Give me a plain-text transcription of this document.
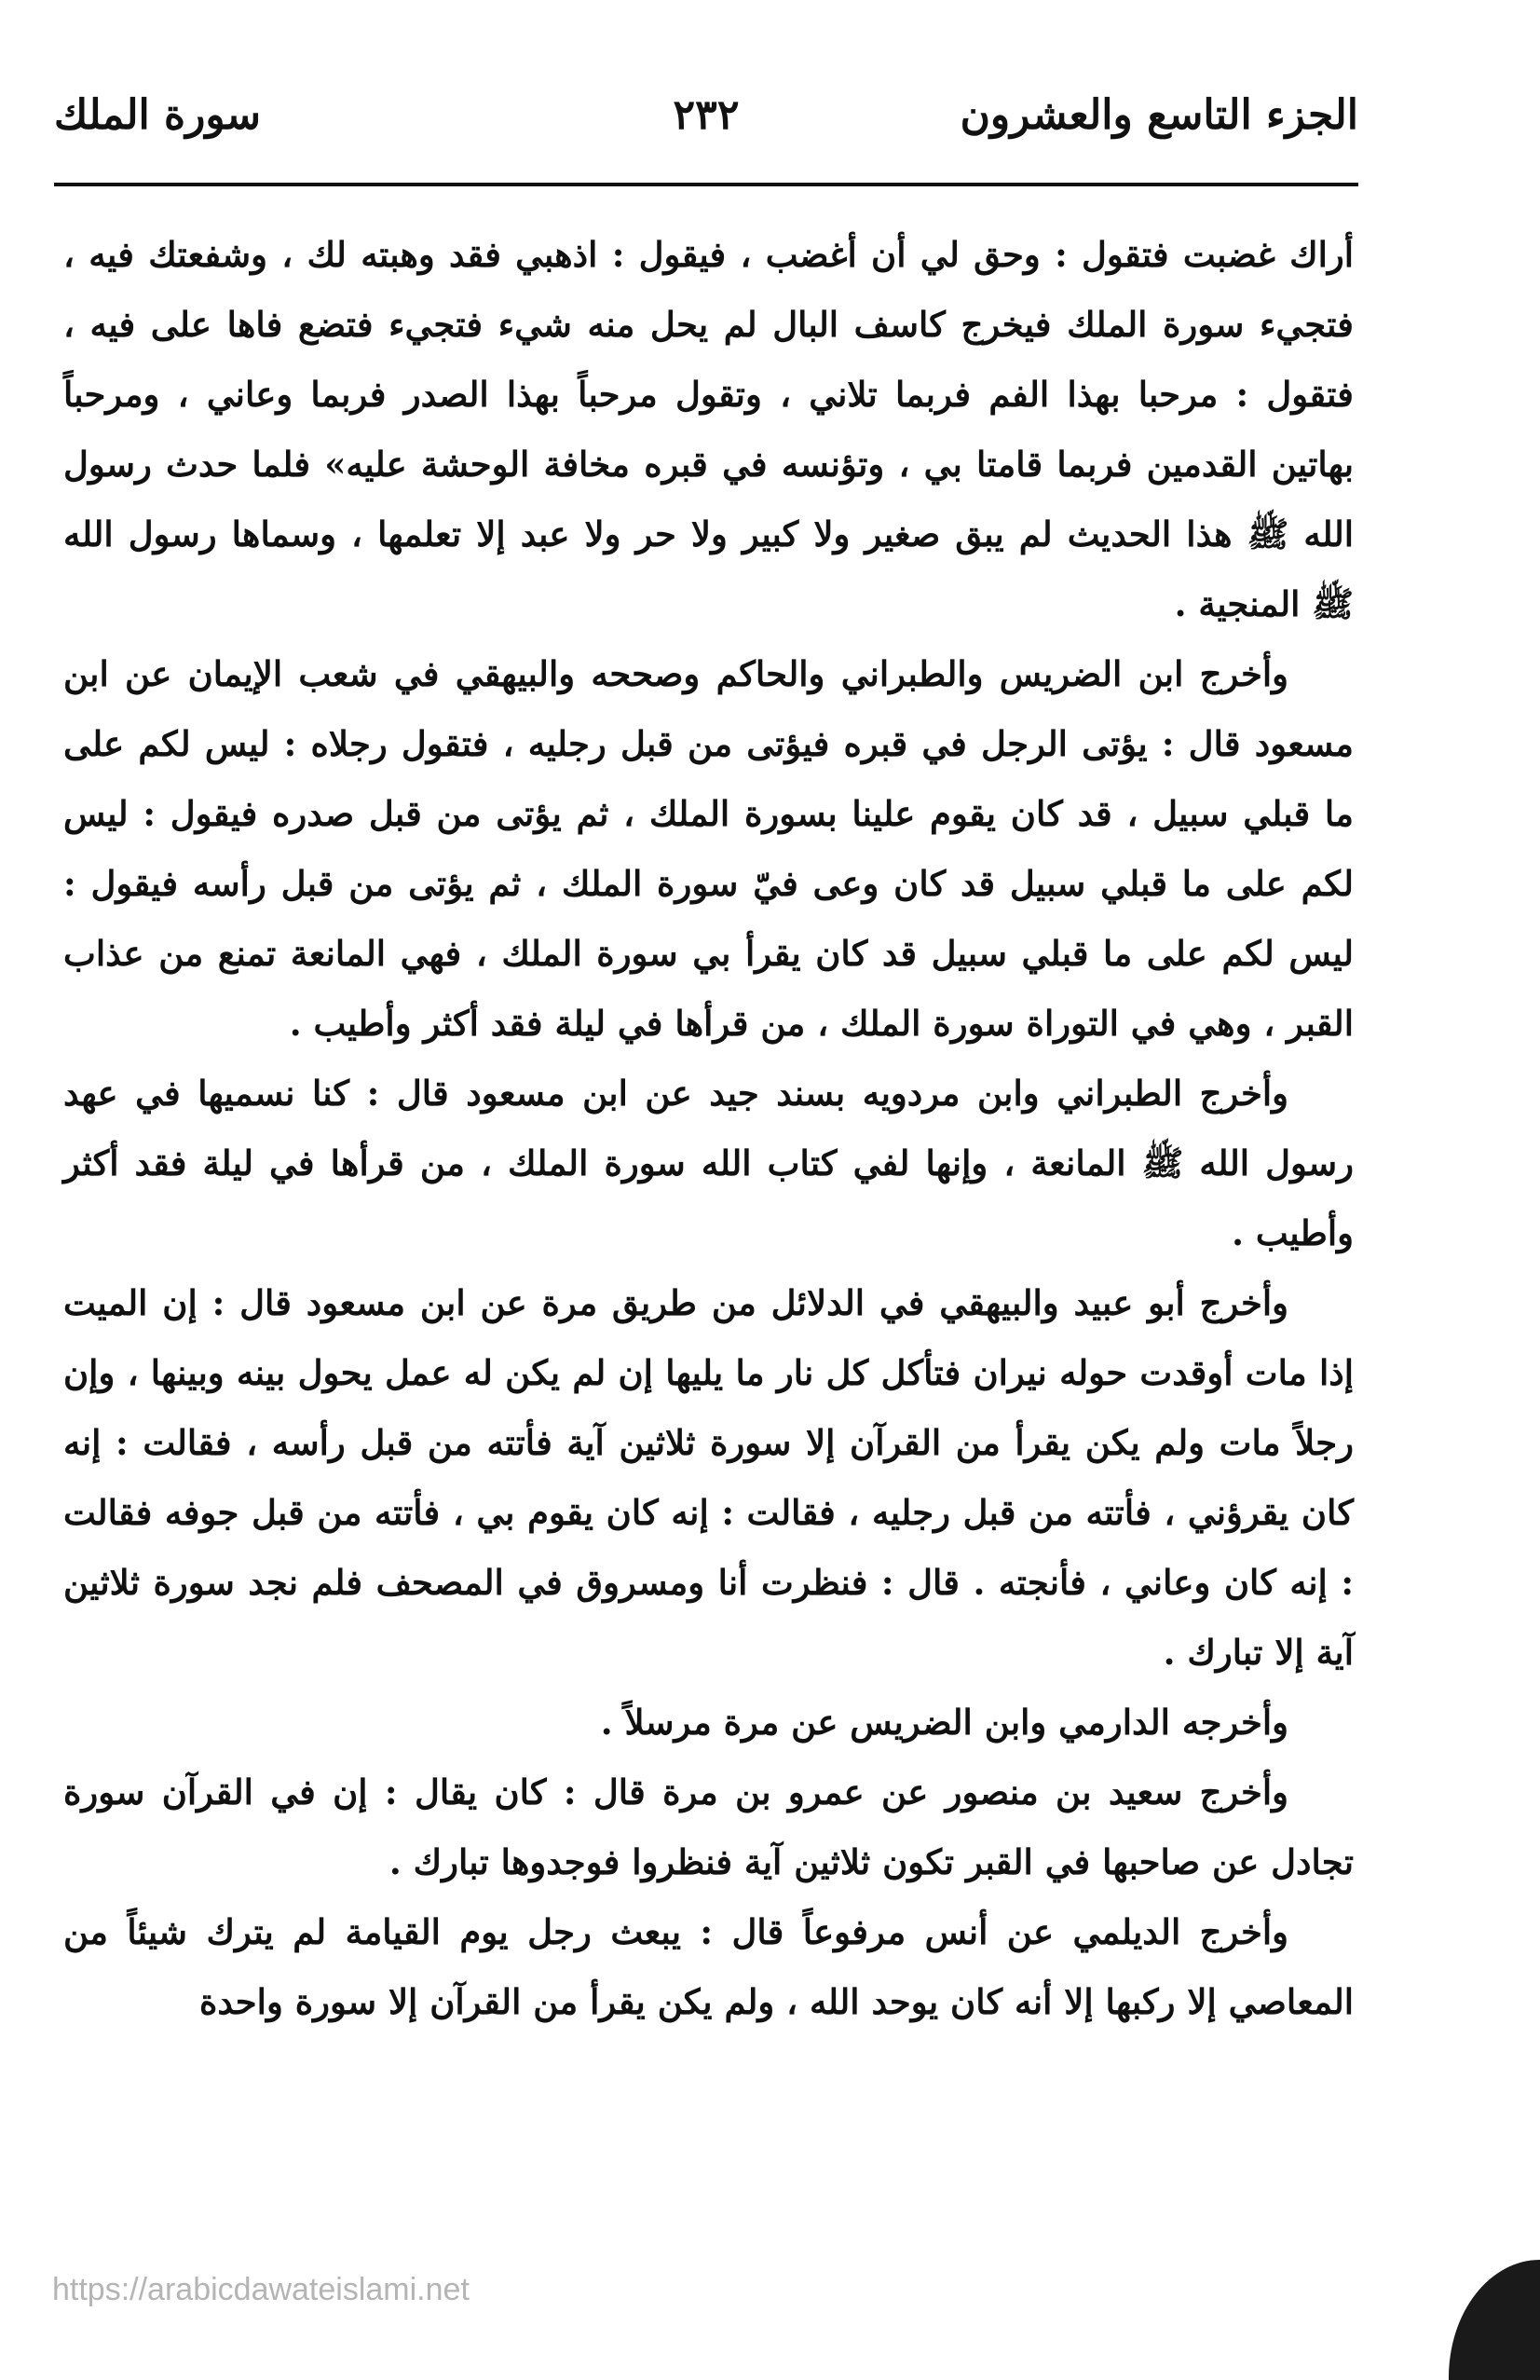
الجزء التاسع والعشرون
٢٣٢
سورة الملك

أراك غضبت فتقول : وحق لي أن أغضب ، فيقول : اذهبي فقد وهبته لك ، وشفعتك فيه ، فتجيء سورة الملك فيخرج كاسف البال لم يحل منه شيء فتجيء فتضع فاها على فيه ، فتقول : مرحبا بهذا الفم فربما تلاني ، وتقول مرحباً بهذا الصدر فربما وعاني ، ومرحباً بهاتين القدمين فربما قامتا بي ، وتؤنسه في قبره مخافة الوحشة عليه» فلما حدث رسول الله ﷺ هذا الحديث لم يبق صغير ولا كبير ولا حر ولا عبد إلا تعلمها ، وسماها رسول الله ﷺ المنجية .

وأخرج ابن الضريس والطبراني والحاكم وصححه والبيهقي في شعب الإيمان عن ابن مسعود قال : يؤتى الرجل في قبره فيؤتى من قبل رجليه ، فتقول رجلاه : ليس لكم على ما قبلي سبيل ، قد كان يقوم علينا بسورة الملك ، ثم يؤتى من قبل صدره فيقول : ليس لكم على ما قبلي سبيل قد كان وعى فيّ سورة الملك ، ثم يؤتى من قبل رأسه فيقول : ليس لكم على ما قبلي سبيل قد كان يقرأ بي سورة الملك ، فهي المانعة تمنع من عذاب القبر ، وهي في التوراة سورة الملك ، من قرأها في ليلة فقد أكثر وأطيب .

وأخرج الطبراني وابن مردويه بسند جيد عن ابن مسعود قال : كنا نسميها في عهد رسول الله ﷺ المانعة ، وإنها لفي كتاب الله سورة الملك ، من قرأها في ليلة فقد أكثر وأطيب .

وأخرج أبو عبيد والبيهقي في الدلائل من طريق مرة عن ابن مسعود قال : إن الميت إذا مات أوقدت حوله نيران فتأكل كل نار ما يليها إن لم يكن له عمل يحول بينه وبينها ، وإن رجلاً مات ولم يكن يقرأ من القرآن إلا سورة ثلاثين آية فأتته من قبل رأسه ، فقالت : إنه كان يقرؤني ، فأتته من قبل رجليه ، فقالت : إنه كان يقوم بي ، فأتته من قبل جوفه فقالت : إنه كان وعاني ، فأنجته . قال : فنظرت أنا ومسروق في المصحف فلم نجد سورة ثلاثين آية إلا تبارك .

وأخرجه الدارمي وابن الضريس عن مرة مرسلاً .

وأخرج سعيد بن منصور عن عمرو بن مرة قال : كان يقال : إن في القرآن سورة تجادل عن صاحبها في القبر تكون ثلاثين آية فنظروا فوجدوها تبارك .

وأخرج الديلمي عن أنس مرفوعاً قال : يبعث رجل يوم القيامة لم يترك شيئاً من المعاصي إلا ركبها إلا أنه كان يوحد الله ، ولم يكن يقرأ من القرآن إلا سورة واحدة

https://arabicdawateislami.net
